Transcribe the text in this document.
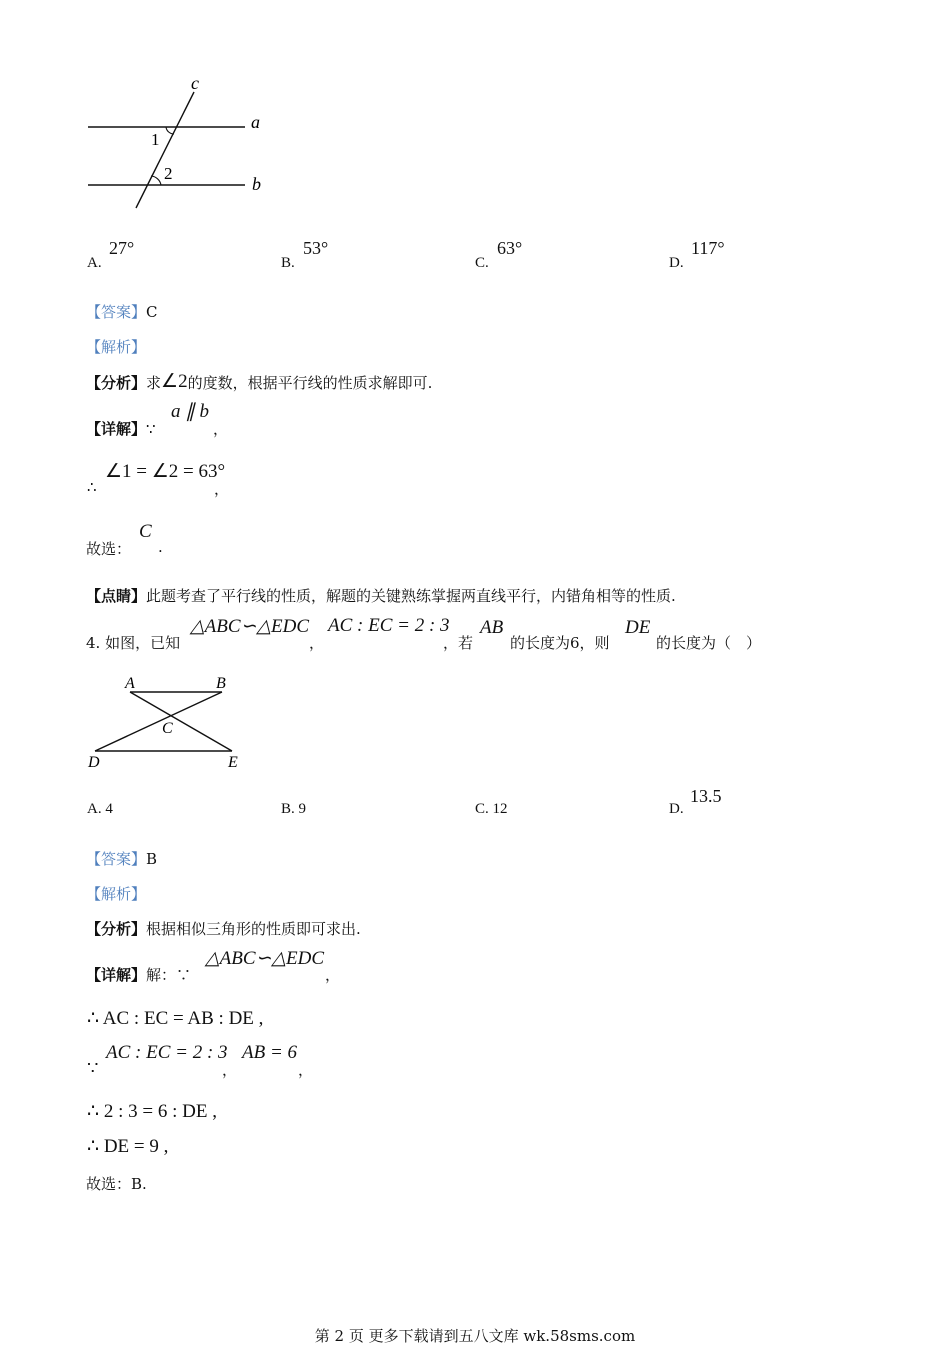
c
a
b
1
2
A.
27°
B.
53°
C.
63°
D.
117°
【答案】C
【解析】
【分析】求∠2的度数，根据平行线的性质求解即可.
【详解】∵
a ∥ b
，
∴
∠1 = ∠2 = 63°
，
故选：
C
.
【点睛】此题考查了平行线的性质，解题的关键熟练掌握两直线平行，内错角相等的性质.
4. 如图，已知
△ABC∽△EDC
，
AC : EC = 2 : 3
，若
AB
的长度为6，则
DE
的长度为（　）
A	B
C
D	E
A. 4	B. 9	C. 12	D.
13.5
【答案】B
【解析】
【分析】根据相似三角形的性质即可求出.
【详解】解：∵
△ABC∽△EDC
，
∴ AC : EC = AB : DE ,
∵
AC : EC = 2 : 3
，
AB = 6
，
∴ 2 : 3 = 6 : DE ,
∴ DE = 9 ,
故选：B.
第 2 页 更多下载请到五八文库 wk.58sms.com
